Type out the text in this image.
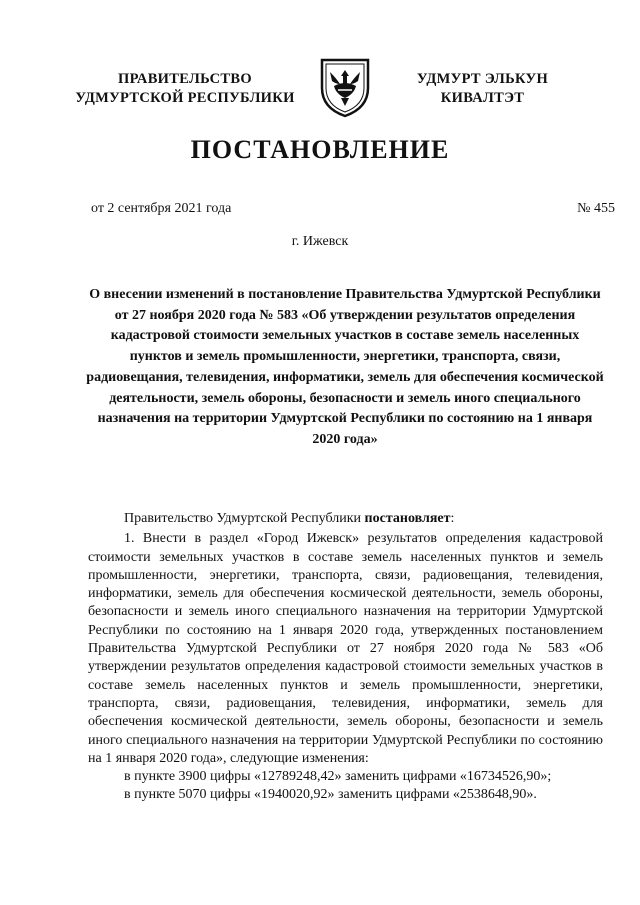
ПРАВИТЕЛЬСТВО
УДМУРТСКОЙ РЕСПУБЛИКИ
УДМУРТ ЭЛЬКУН
КИВАЛТЭТ
ПОСТАНОВЛЕНИЕ
от 2 сентября 2021 года	№ 455
г. Ижевск
О внесении изменений в постановление Правительства Удмуртской Республики от 27 ноября 2020 года № 583 «Об утверждении результатов определения кадастровой стоимости земельных участков в составе земель населенных пунктов и земель промышленности, энергетики, транспорта, связи, радиовещания, телевидения, информатики, земель для обеспечения космической деятельности, земель обороны, безопасности и земель иного специального назначения на территории Удмуртской Республики по состоянию на 1 января 2020 года»

Правительство Удмуртской Республики постановляет:

1. Внести в раздел «Город Ижевск» результатов определения кадастровой стоимости земельных участков в составе земель населенных пунктов и земель промышленности, энергетики, транспорта, связи, радиовещания, телевидения, информатики, земель для обеспечения космической деятельности, земель обороны, безопасности и земель иного специального назначения на территории Удмуртской Республики по состоянию на 1 января 2020 года, утвержденных постановлением Правительства Удмуртской Республики от 27 ноября 2020 года № 583 «Об утверждении результатов определения кадастровой стоимости земельных участков в составе земель населенных пунктов и земель промышленности, энергетики, транспорта, связи, радиовещания, телевидения, информатики, земель для обеспечения космической деятельности, земель обороны, безопасности и земель иного специального назначения на территории Удмуртской Республики по состоянию на 1 января 2020 года», следующие изменения:

в пункте 3900 цифры «12789248,42» заменить цифрами «16734526,90»;

в пункте 5070 цифры «1940020,92» заменить цифрами «2538648,90».
